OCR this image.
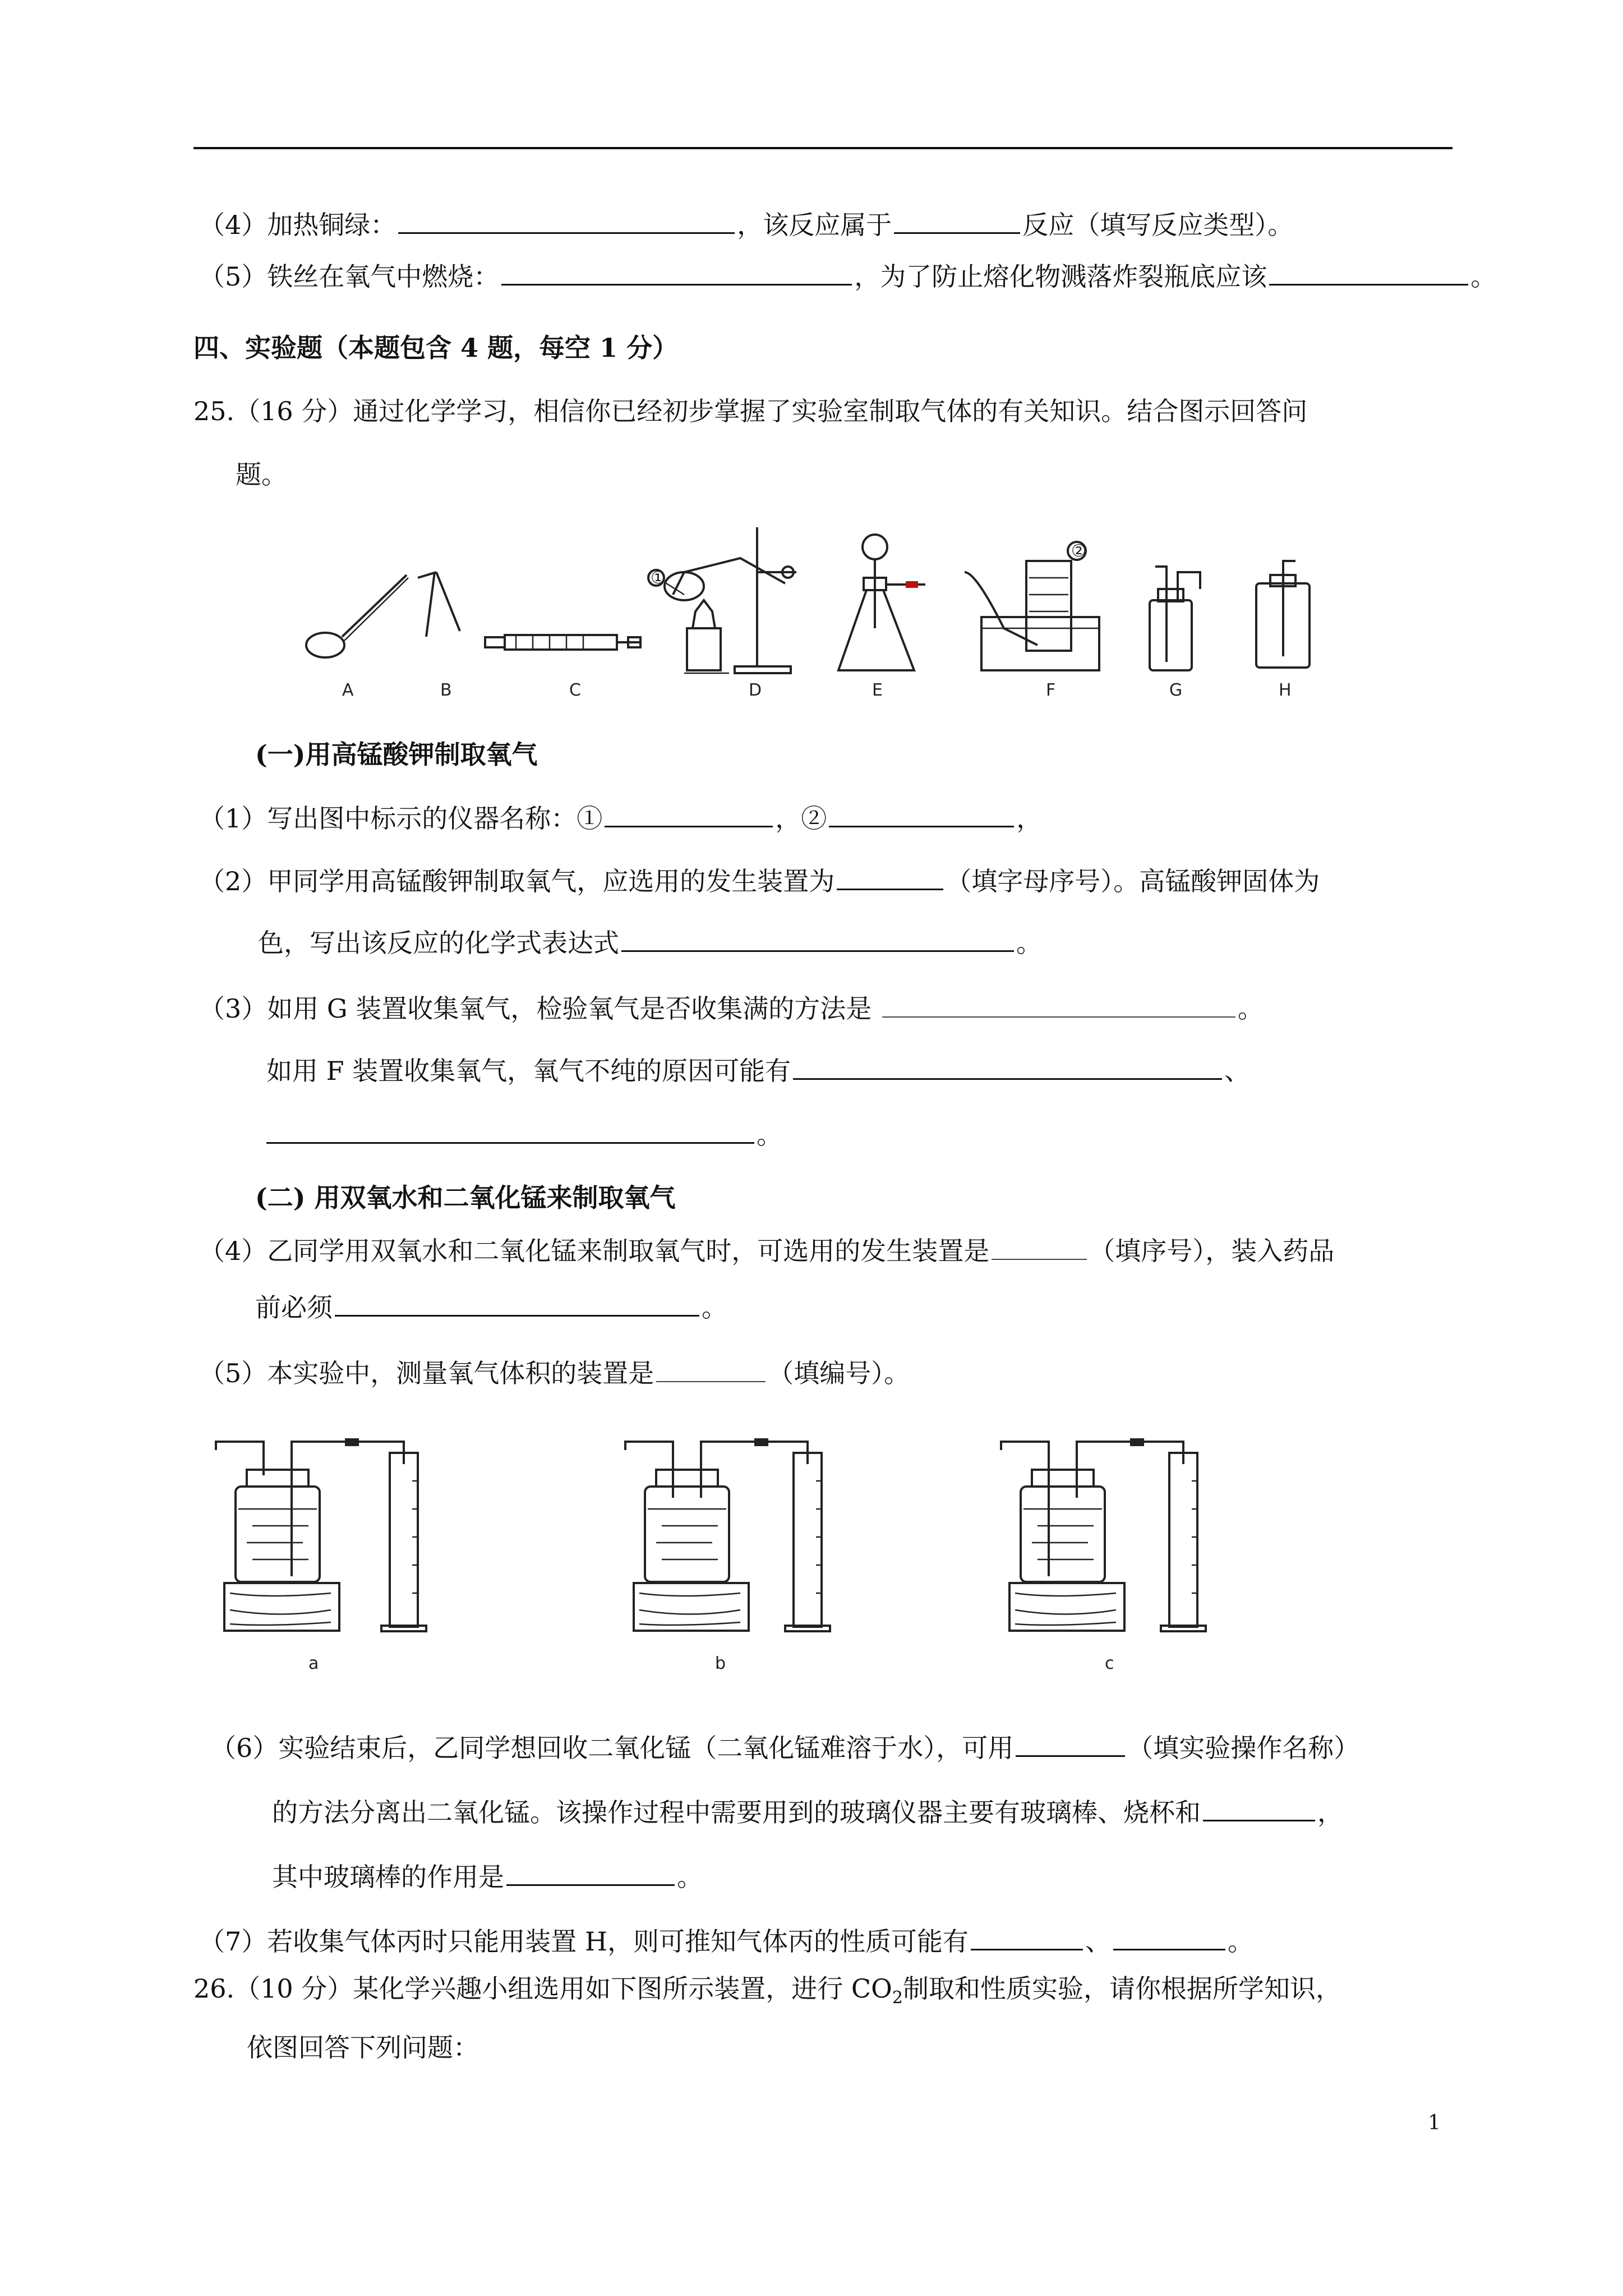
（4）加热铜绿：	，该反应属于	反应（填写反应类型）。
（5）铁丝在氧气中燃烧：	，为了防止熔化物溅落炸裂瓶底应该	。
四、实验题（本题包含 4 题，每空 1 分）
25.（16 分）通过化学学习，相信你已经初步掌握了实验室制取气体的有关知识。结合图示回答问
题。
①
②
A	B	C	D	E	F	G	H
(一)用高锰酸钾制取氧气
（1）写出图中标示的仪器名称：①	，②	，
（2）甲同学用高锰酸钾制取氧气，应选用的发生装置为	（填字母序号）。高锰酸钾固体为
色，写出该反应的化学式表达式	。
（3）如用 G 装置收集氧气，检验氧气是否收集满的方法是	。
如用 F 装置收集氧气，氧气不纯的原因可能有	、
。
(二) 用双氧水和二氧化锰来制取氧气
（4）乙同学用双氧水和二氧化锰来制取氧气时，可选用的发生装置是	（填序号），装入药品
前必须	。
（5）本实验中，测量氧气体积的装置是	（填编号）。
a	b	c
（6）实验结束后，乙同学想回收二氧化锰（二氧化锰难溶于水），可用	（填实验操作名称）
的方法分离出二氧化锰。该操作过程中需要用到的玻璃仪器主要有玻璃棒、烧杯和	，
其中玻璃棒的作用是	。
（7）若收集气体丙时只能用装置 H，则可推知气体丙的性质可能有	、	。
26.（10 分）某化学兴趣小组选用如下图所示装置，进行 $CO_2$制取和性质实验，请你根据所学知识，
依图回答下列问题：
1
